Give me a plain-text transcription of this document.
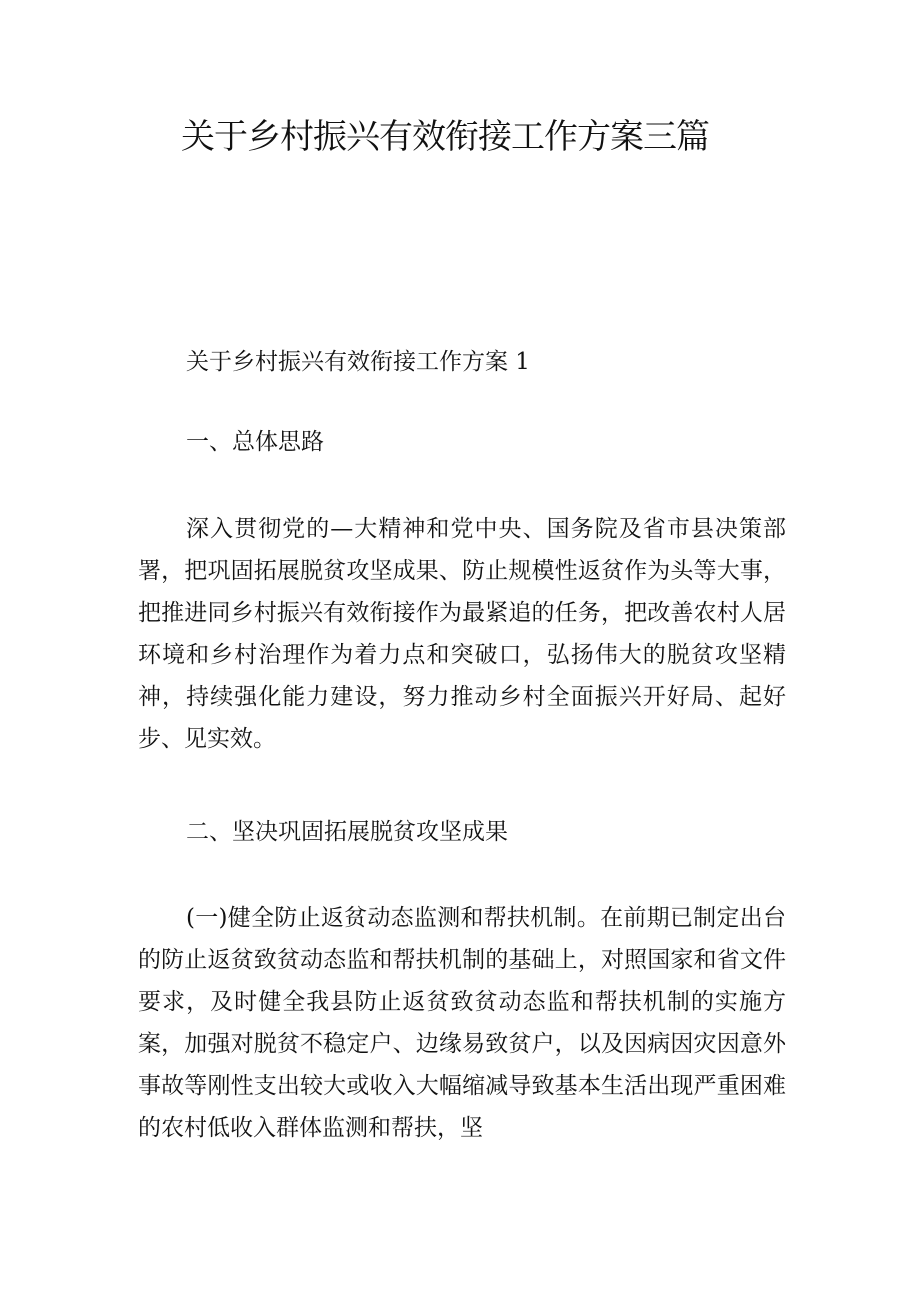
关于乡村振兴有效衔接工作方案三篇

关于乡村振兴有效衔接工作方案 1

一、总体思路

深入贯彻党的—大精神和党中央、国务院及省市县决策部署，把巩固拓展脱贫攻坚成果、防止规模性返贫作为头等大事，把推进同乡村振兴有效衔接作为最紧追的任务，把改善农村人居环境和乡村治理作为着力点和突破口，弘扬伟大的脱贫攻坚精神，持续强化能力建设，努力推动乡村全面振兴开好局、起好步、见实效。

二、坚决巩固拓展脱贫攻坚成果

(一)健全防止返贫动态监测和帮扶机制。在前期已制定出台的防止返贫致贫动态监和帮扶机制的基础上，对照国家和省文件要求，及时健全我县防止返贫致贫动态监和帮扶机制的实施方案，加强对脱贫不稳定户、边缘易致贫户，以及因病因灾因意外事故等刚性支出较大或收入大幅缩减导致基本生活出现严重困难的农村低收入群体监测和帮扶，坚
